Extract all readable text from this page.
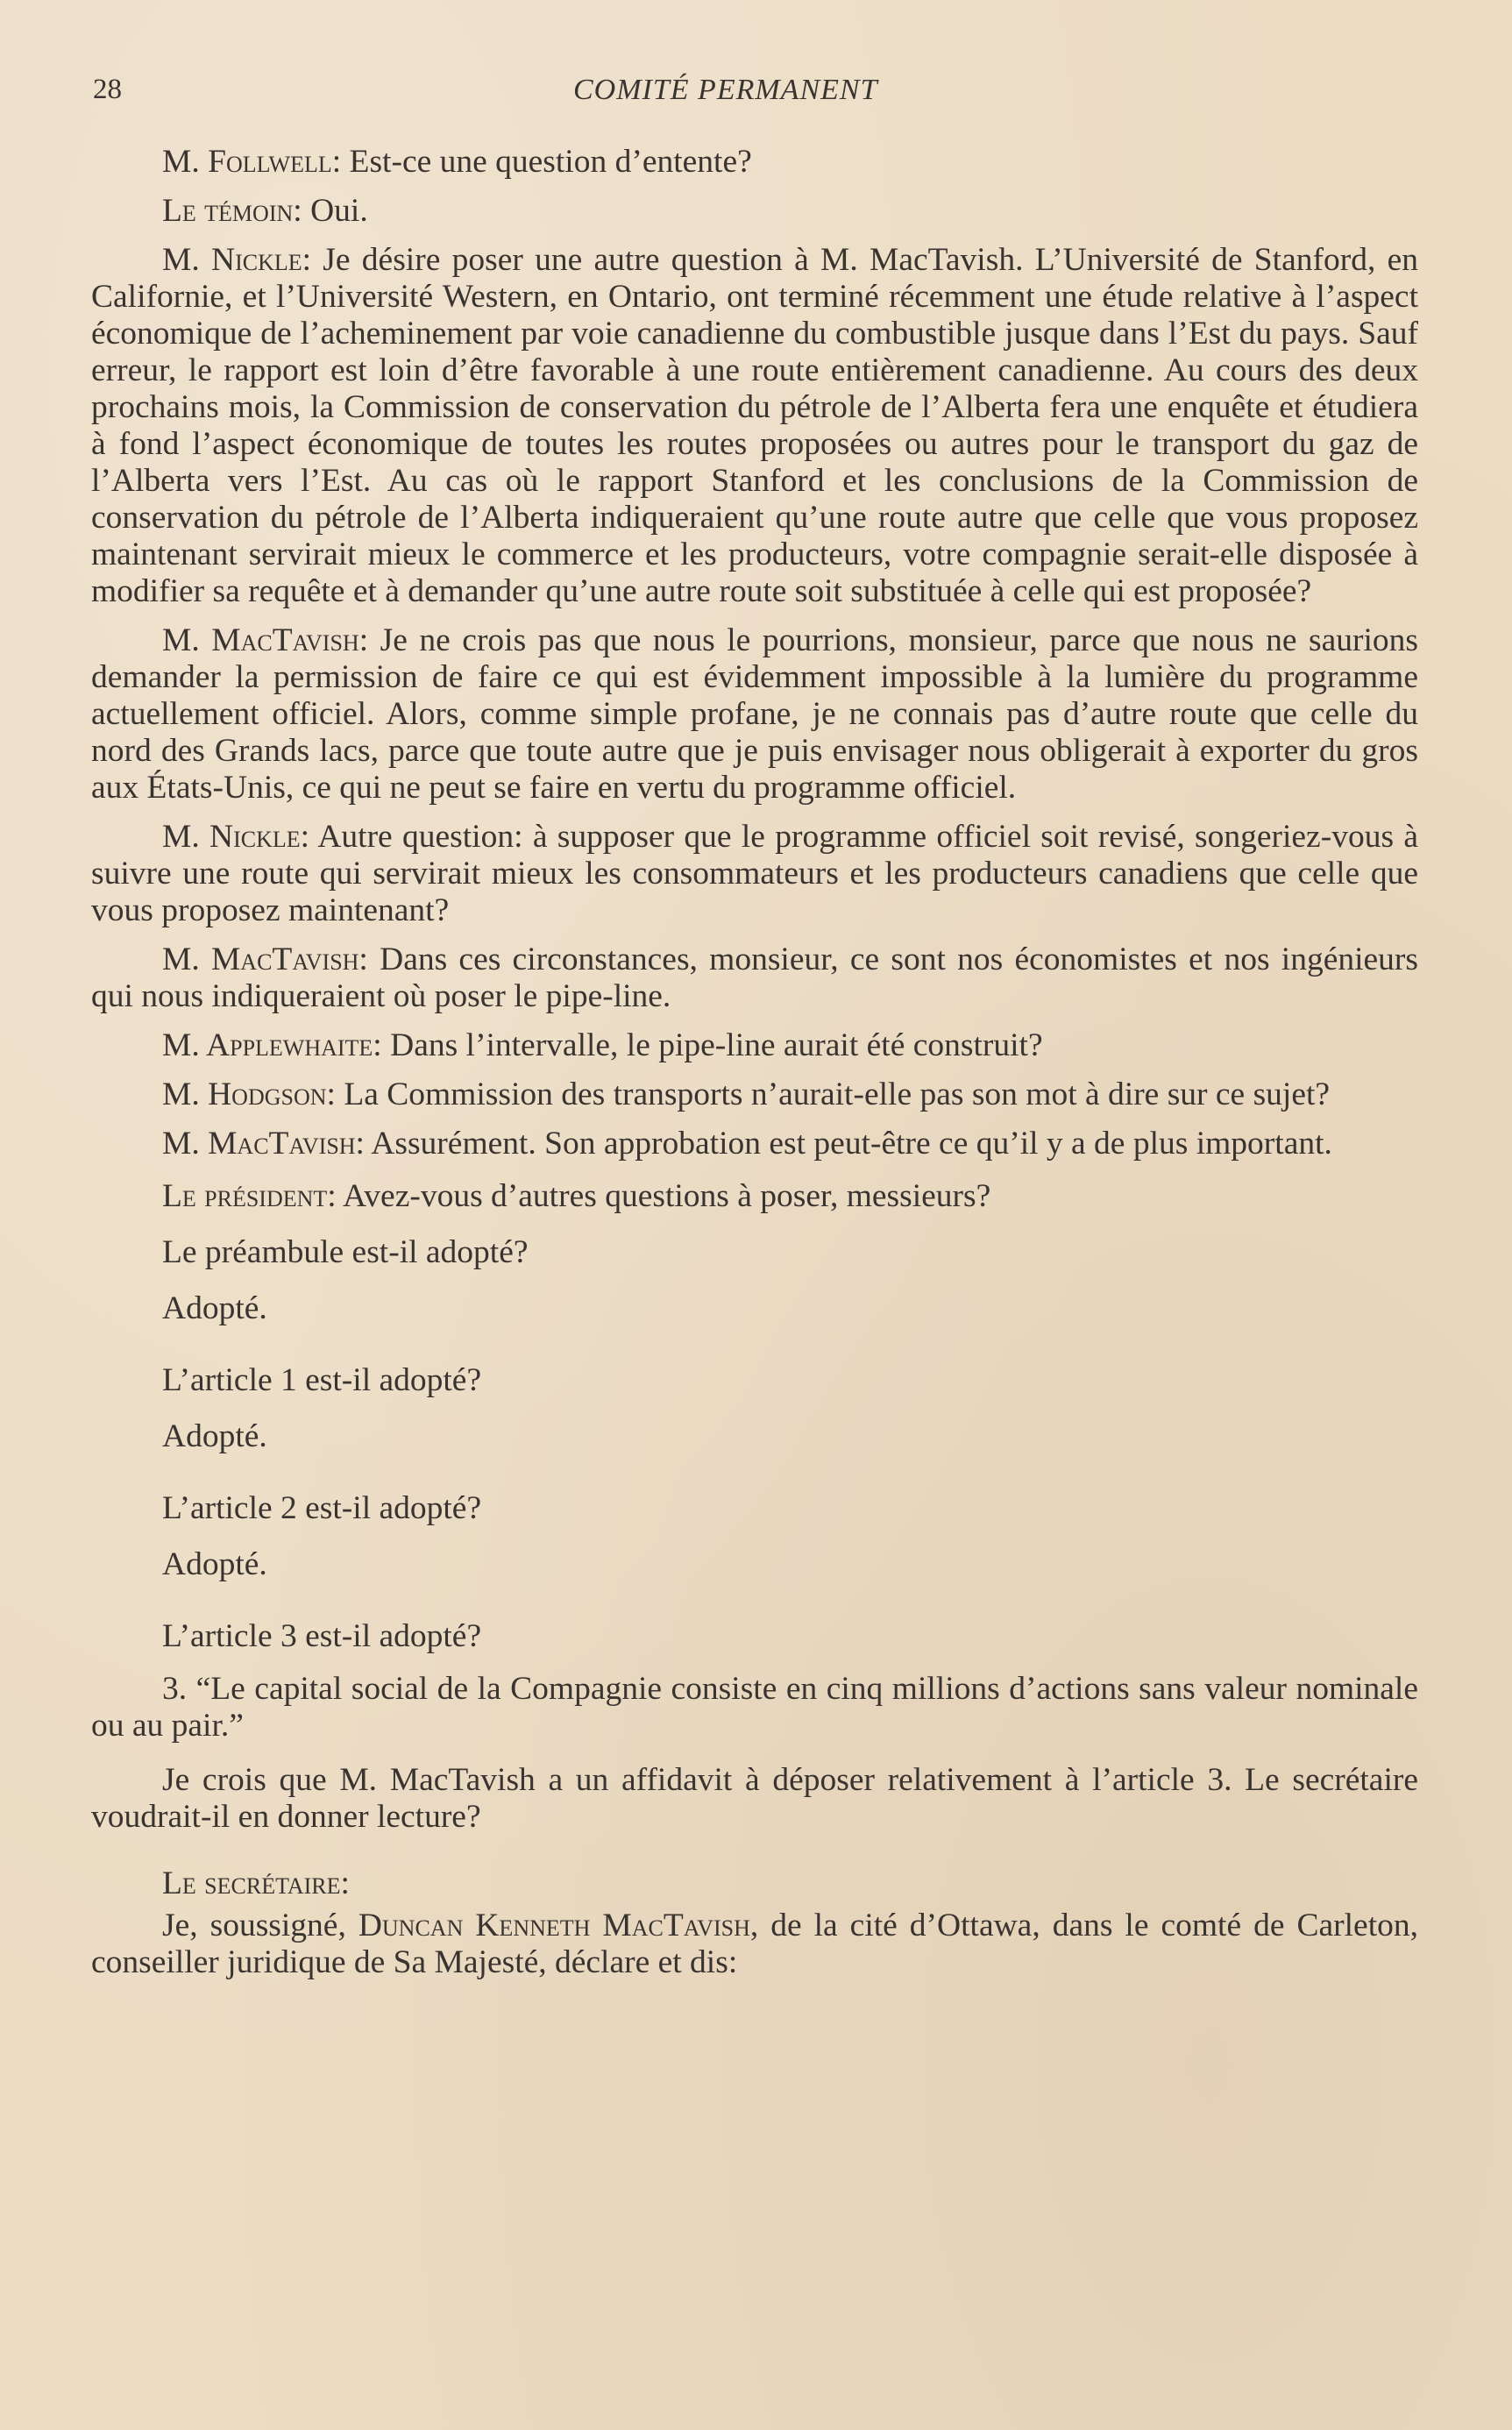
28	COMITÉ PERMANENT

M. Follwell: Est-ce une question d’entente?

Le témoin: Oui.

M. Nickle: Je désire poser une autre question à M. MacTavish. L’Université de Stanford, en Californie, et l’Université Western, en Ontario, ont terminé récemment une étude relative à l’aspect économique de l’acheminement par voie canadienne du combustible jusque dans l’Est du pays. Sauf erreur, le rapport est loin d’être favorable à une route entièrement canadienne. Au cours des deux prochains mois, la Commission de conservation du pétrole de l’Alberta fera une enquête et étudiera à fond l’aspect économique de toutes les routes proposées ou autres pour le transport du gaz de l’Alberta vers l’Est. Au cas où le rapport Stanford et les conclusions de la Commission de conservation du pétrole de l’Alberta indiqueraient qu’une route autre que celle que vous proposez maintenant servirait mieux le commerce et les producteurs, votre compagnie serait-elle disposée à modifier sa requête et à demander qu’une autre route soit substituée à celle qui est proposée?

M. MacTavish: Je ne crois pas que nous le pourrions, monsieur, parce que nous ne saurions demander la permission de faire ce qui est évidemment impossible à la lumière du programme actuellement officiel. Alors, comme simple profane, je ne connais pas d’autre route que celle du nord des Grands lacs, parce que toute autre que je puis envisager nous obligerait à exporter du gros aux États-Unis, ce qui ne peut se faire en vertu du programme officiel.

M. Nickle: Autre question: à supposer que le programme officiel soit revisé, songeriez-vous à suivre une route qui servirait mieux les consommateurs et les producteurs canadiens que celle que vous proposez maintenant?

M. MacTavish: Dans ces circonstances, monsieur, ce sont nos économistes et nos ingénieurs qui nous indiqueraient où poser le pipe-line.

M. Applewhaite: Dans l’intervalle, le pipe-line aurait été construit?

M. Hodgson: La Commission des transports n’aurait-elle pas son mot à dire sur ce sujet?

M. MacTavish: Assurément. Son approbation est peut-être ce qu’il y a de plus important.

Le président: Avez-vous d’autres questions à poser, messieurs?

Le préambule est-il adopté?

Adopté.

L’article 1 est-il adopté?

Adopté.

L’article 2 est-il adopté?

Adopté.

L’article 3 est-il adopté?

3. “Le capital social de la Compagnie consiste en cinq millions d’actions sans valeur nominale ou au pair.”

Je crois que M. MacTavish a un affidavit à déposer relativement à l’article 3. Le secrétaire voudrait-il en donner lecture?

Le secrétaire:

Je, soussigné, Duncan Kenneth MacTavish, de la cité d’Ottawa, dans le comté de Carleton, conseiller juridique de Sa Majesté, déclare et dis:
